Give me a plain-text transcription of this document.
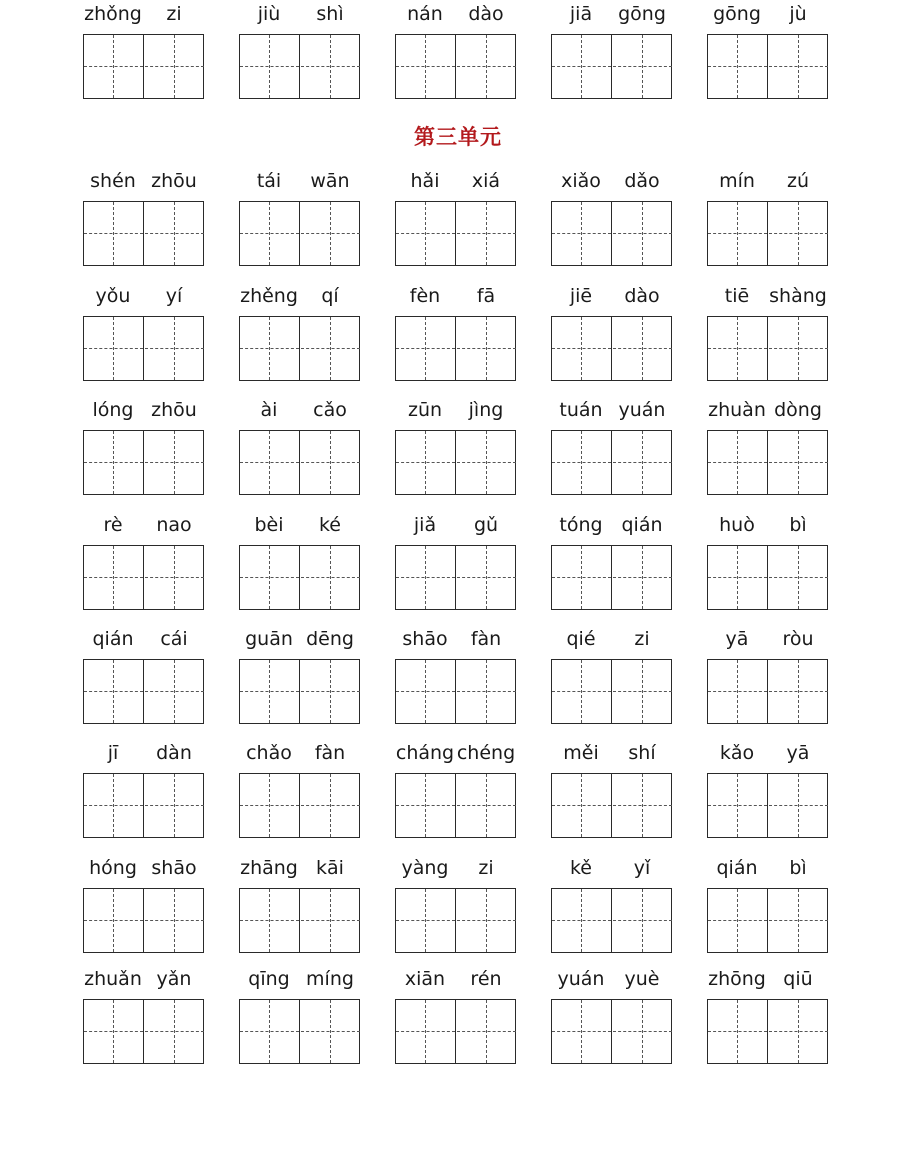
第三单元
zhǒng	zi	jiù	shì	nán	dào	jiā	gōng	gōng	jù
shén zhōu	tái	wān	hǎi	xiá	xiǎo	dǎo	mín	zú
yǒu	yí	zhěng	qí	fèn	fā	jiē	dào	tiē	shàng
lóng zhōu	ài	cǎo	zūn	jìng	tuán yuán	zhuàn dòng
rè	nao	bèi	ké	jiǎ	gǔ	tóng qián	huò	bì
qián	cái	guān dēng	shāo	fàn	qié	zi	yā	ròu
jī	dàn	chǎo	fàn	cháng chéng	měi	shí	kǎo	yā
hóng shāo	zhāng kāi	yàng	zi	kě	yǐ	qián	bì
zhuǎn yǎn	qīng míng	xiān	rén	yuán	yuè	zhōng qiū
